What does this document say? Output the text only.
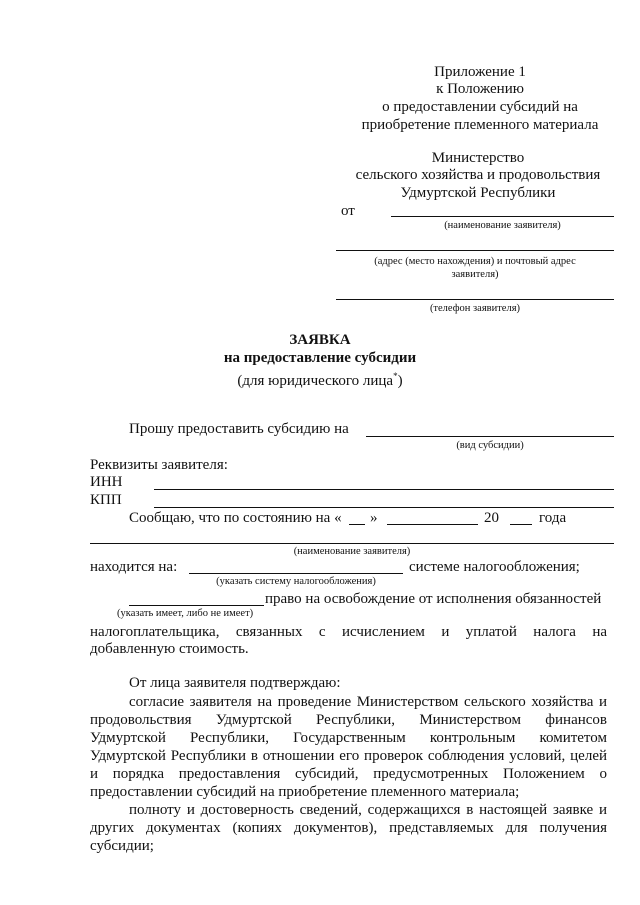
Приложение 1
к Положению
о предоставлении субсидий на
приобретение племенного материала
Министерство
сельского хозяйства и продовольствия
Удмуртской Республики
от
(наименование заявителя)
(адрес (место нахождения) и почтовый адрес
заявителя)
(телефон заявителя)
ЗАЯВКА
на предоставление субсидии
(для юридического лица*)
Прошу предоставить субсидию на
(вид субсидии)
Реквизиты заявителя:
ИНН
КПП
Сообщаю, что по состоянию на « »	20	года
(наименование заявителя)
находится на:
(указать систему налогообложения)
системе налогообложения;
право на освобождение от исполнения обязанностей
(указать имеет, либо не имеет)
налогоплательщика, связанных с исчислением и уплатой налога на
добавленную стоимость.
От лица заявителя подтверждаю:
согласие заявителя на проведение Министерством сельского хозяйства и
продовольствия Удмуртской Республики, Министерством финансов
Удмуртской Республики, Государственным контрольным комитетом
Удмуртской Республики в отношении его проверок соблюдения условий, целей
и порядка предоставления субсидий, предусмотренных Положением о
предоставлении субсидий на приобретение племенного материала;
полноту и достоверность сведений, содержащихся в настоящей заявке и
других документах (копиях документов), представляемых для получения
субсидии;
